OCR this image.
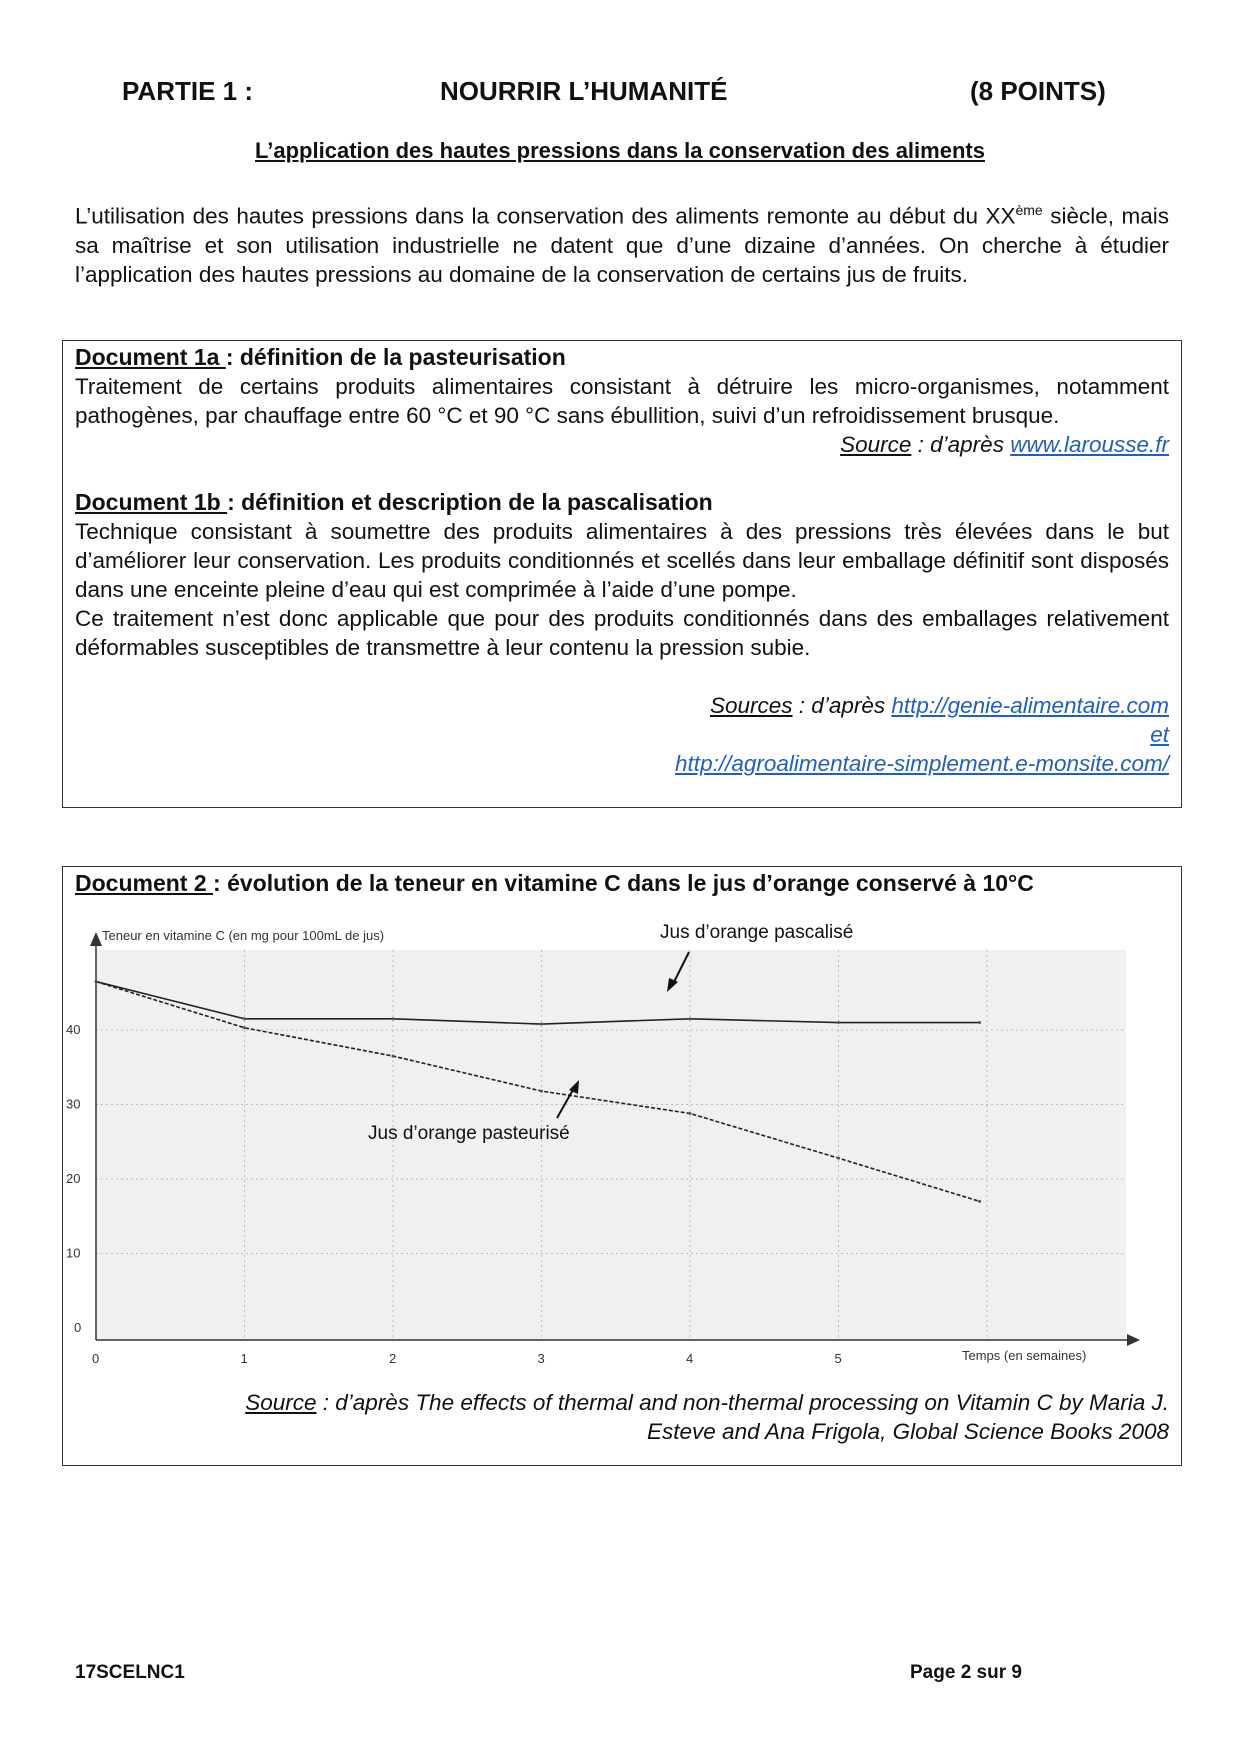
PARTIE 1 :	NOURRIR L’HUMANITÉ	(8 POINTS)
L’application des hautes pressions dans la conservation des aliments

L’utilisation des hautes pressions dans la conservation des aliments remonte au début du XXème siècle, mais sa maîtrise et son utilisation industrielle ne datent que d’une dizaine d’années. On cherche à étudier l’application des hautes pressions au domaine de la conservation de certains jus de fruits.

Document 1a : définition de la pasteurisation

Traitement de certains produits alimentaires consistant à détruire les micro-organismes, notamment pathogènes, par chauffage entre 60 °C et 90 °C sans ébullition, suivi d’un refroidissement brusque.

Source : d’après www.larousse.fr

Document 1b : définition et description de la pascalisation

Technique consistant à soumettre des produits alimentaires à des pressions très élevées dans le but d’améliorer leur conservation. Les produits conditionnés et scellés dans leur emballage définitif sont disposés dans une enceinte pleine d’eau qui est comprimée à l’aide d’une pompe.

Ce traitement n’est donc applicable que pour des produits conditionnés dans des emballages relativement déformables susceptibles de transmettre à leur contenu la pression subie.

Sources : d’après http://genie-alimentaire.com

et

http://agroalimentaire-simplement.e-monsite.com/

Document 2 : évolution de la teneur en vitamine C dans le jus d’orange conservé à 10°C

Source : d’après The effects of thermal and non-thermal processing on Vitamin C by Maria J.

Esteve and Ana Frigola, Global Science Books 2008

0	1	2	3	4	5
0
10
20
30
40
Teneur en vitamine C (en mg pour 100mL de jus)
Temps (en semaines)
Jus d’orange pascalisé
Jus d’orange pasteurisé
17SCELNC1	Page 2 sur 9
